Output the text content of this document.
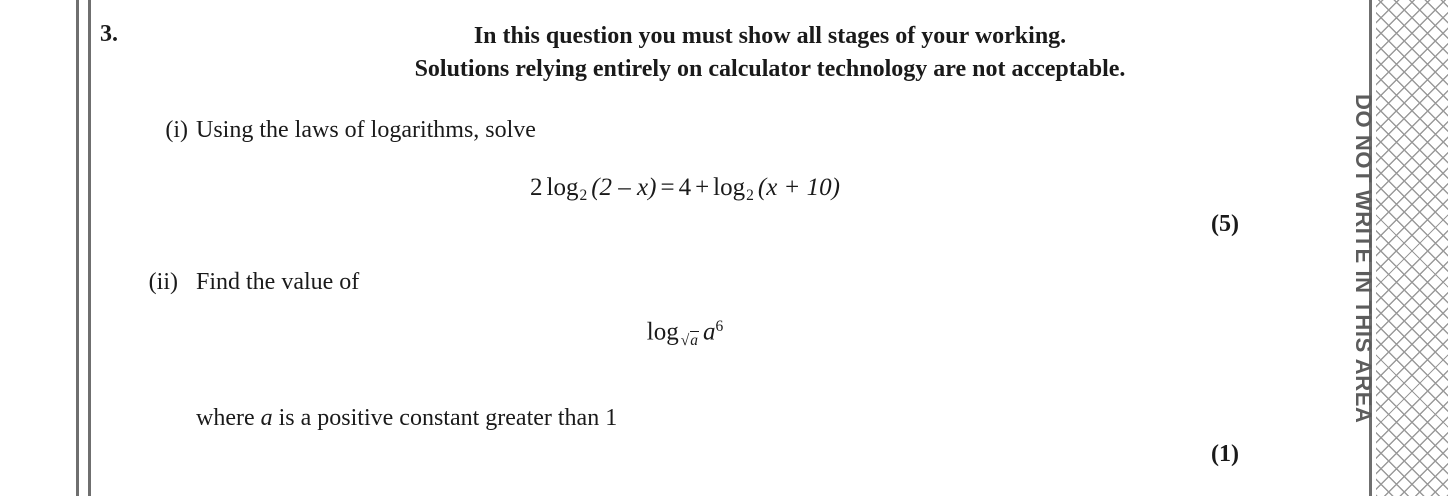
DO NOT WRITE IN THIS AREA
3.	In this question you must show all stages of your working.
Solutions relying entirely on calculator technology are not acceptable.
(i) Using the laws of logarithms, solve
2 $\log_2 (2 - x) = 4 + \log_2 (x + 10)$
(5)
(ii) Find the value of
log $_{√a}$ $a^6$
where a is a positive constant greater than 1
(1)
